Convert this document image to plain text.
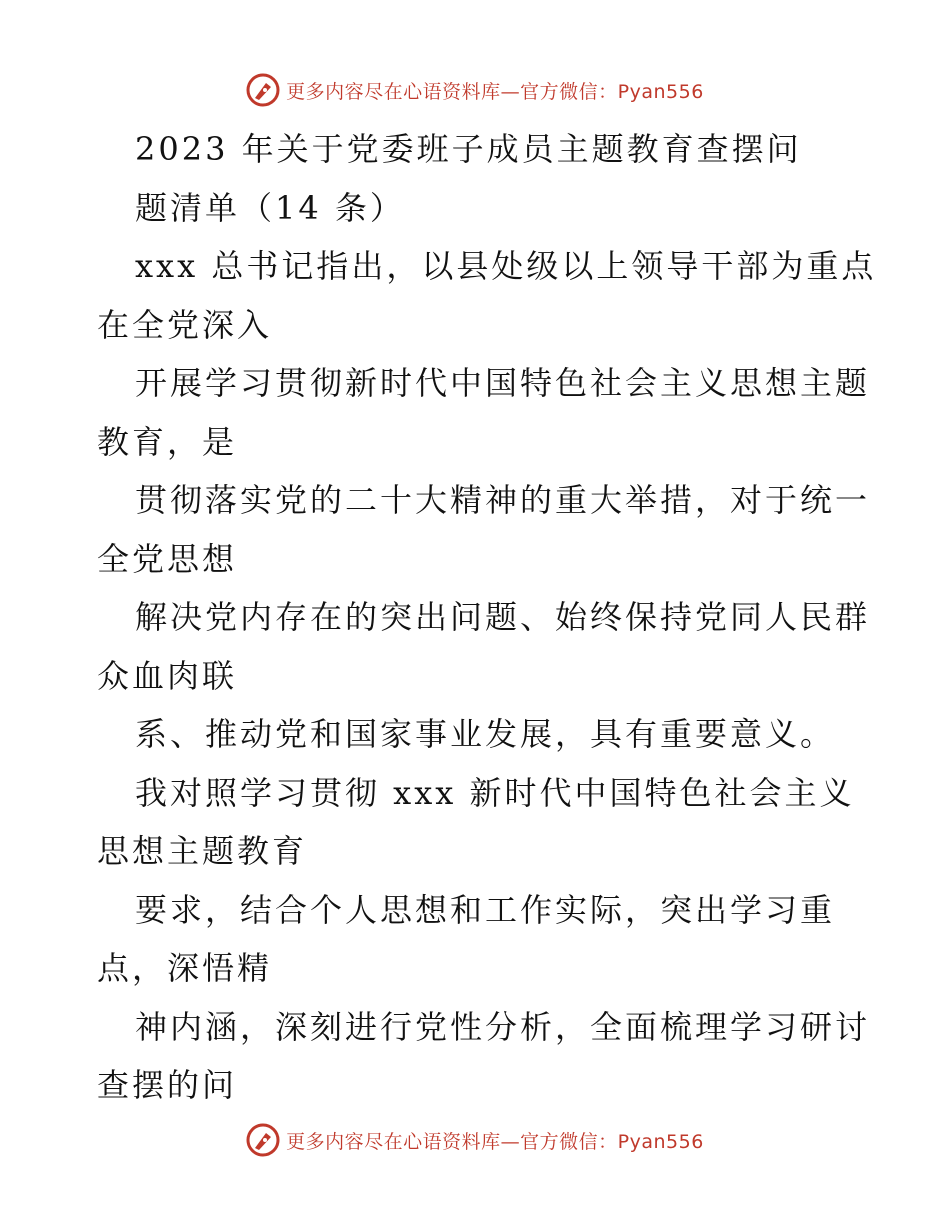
更多内容尽在心语资料库—官方微信：Pyan556
2023 年关于党委班子成员主题教育查摆问
题清单（14 条）
xxx 总书记指出，以县处级以上领导干部为重点
在全党深入
开展学习贯彻新时代中国特色社会主义思想主题
教育，是
贯彻落实党的二十大精神的重大举措，对于统一
全党思想
解决党内存在的突出问题、始终保持党同人民群
众血肉联
系、推动党和国家事业发展，具有重要意义。
我对照学习贯彻 xxx 新时代中国特色社会主义
思想主题教育
要求，结合个人思想和工作实际，突出学习重
点，深悟精
神内涵，深刻进行党性分析，全面梳理学习研讨
查摆的问
更多内容尽在心语资料库—官方微信：Pyan556
